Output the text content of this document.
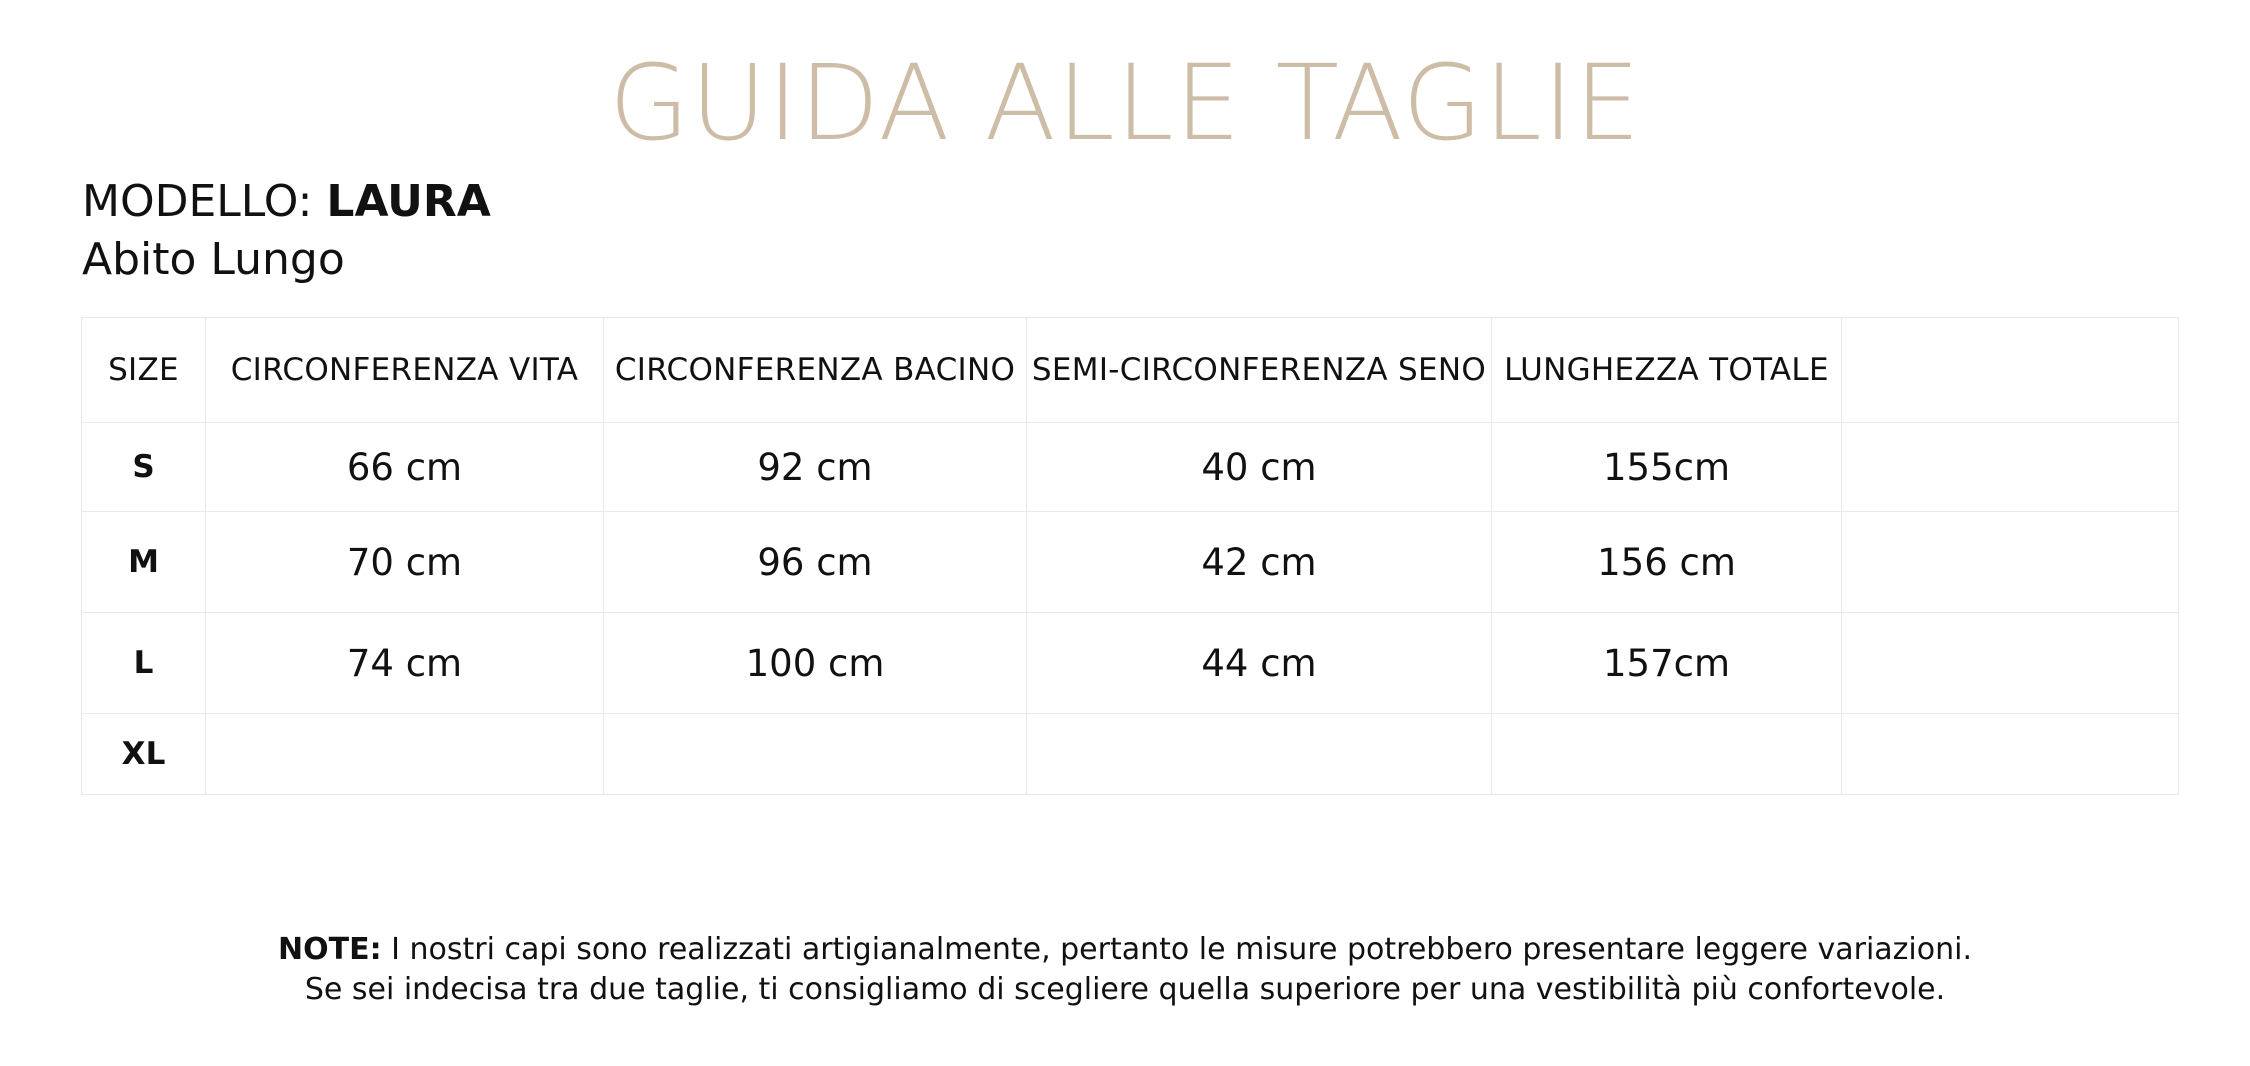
GUIDA ALLE TAGLIE
MODELLO: LAURA
Abito Lungo
SIZE	CIRCONFERENZA VITA	CIRCONFERENZA BACINO	SEMI-CIRCONFERENZA SENO	LUNGHEZZA TOTALE	
S	66 cm	92 cm	40 cm	155cm	
M	70 cm	96 cm	42 cm	156 cm	
L	74 cm	100 cm	44 cm	157cm	
XL					
NOTE: I nostri capi sono realizzati artigianalmente, pertanto le misure potrebbero presentare leggere variazioni.
Se sei indecisa tra due taglie, ti consigliamo di scegliere quella superiore per una vestibilità più confortevole.
